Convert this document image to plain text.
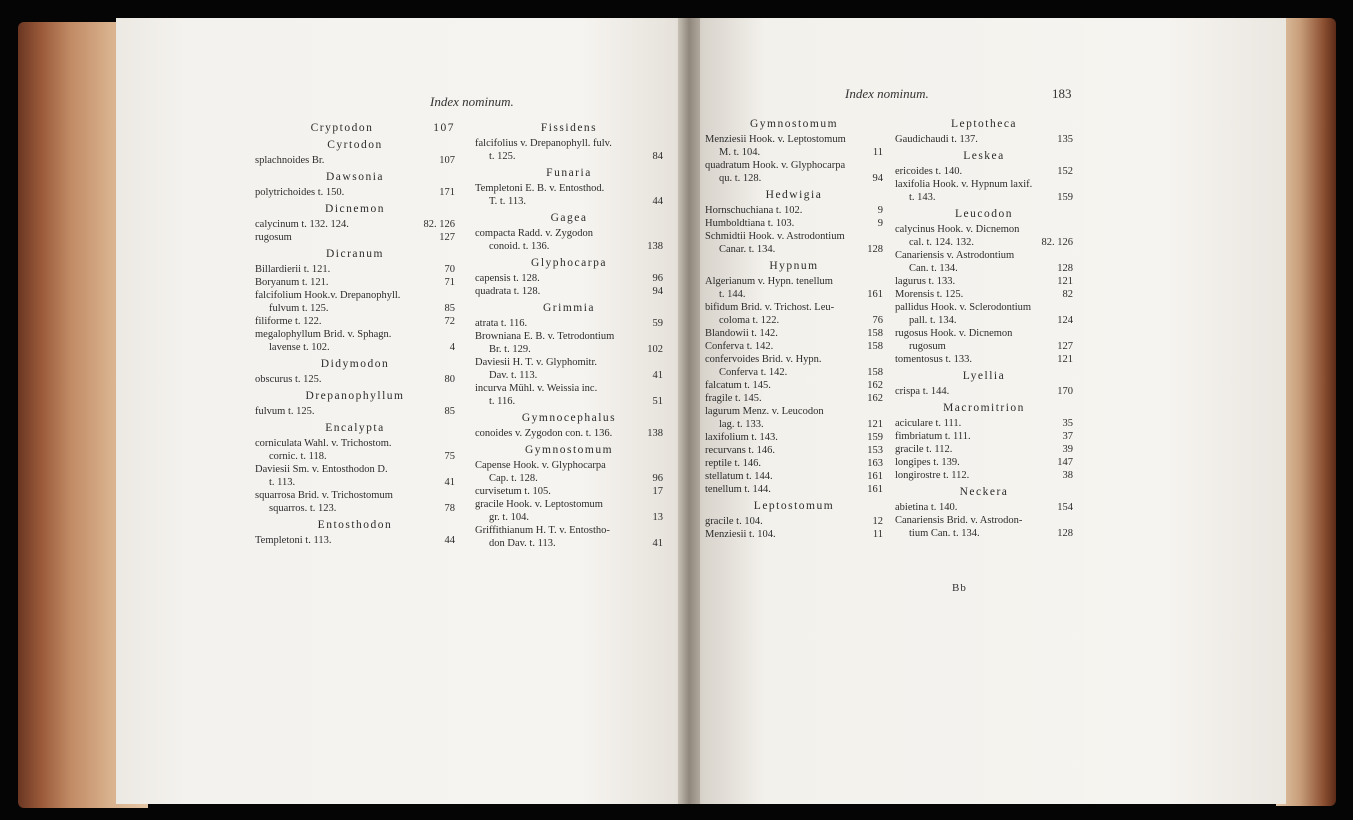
Index nominum.
Index nominum.	183
Cryptodon	107
Cyrtodon
splachnoides Br.	107
Dawsonia
polytrichoides t. 150.	171
Dicnemon
calycinum t. 132. 124.	82. 126
rugosum	127
Dicranum
Billardierii t. 121.	70
Boryanum t. 121.	71
falcifolium Hook.v. Drepanophyll.
fulvum t. 125.	85
filiforme t. 122.	72
megalophyllum Brid. v. Sphagn.
lavense t. 102.	4
Didymodon
obscurus t. 125.	80
Drepanophyllum
fulvum t. 125.	85
Encalypta
corniculata Wahl. v. Trichostom.
cornic. t. 118.	75
Daviesii Sm. v. Entosthodon D.
t. 113.	41
squarrosa Brid. v. Trichostomum
squarros. t. 123.	78
Entosthodon
Templetoni t. 113.	44
Fissidens
falcifolius v. Drepanophyll. fulv.
t. 125.	84
Funaria
Templetoni E. B. v. Entosthod.
T. t. 113.	44
Gagea
compacta Radd. v. Zygodon
conoid. t. 136.	138
Glyphocarpa
capensis t. 128.	96
quadrata t. 128.	94
Grimmia
atrata t. 116.	59
Browniana E. B. v. Tetrodontium
Br. t. 129.	102
Daviesii H. T. v. Glyphomitr.
Dav. t. 113.	41
incurva Mühl. v. Weissia inc.
t. 116.	51
Gymnocephalus
conoides v. Zygodon con. t. 136.	138
Gymnostomum
Capense Hook. v. Glyphocarpa
Cap. t. 128.	96
curvisetum t. 105.	17
gracile Hook. v. Leptostomum
gr. t. 104.	13
Griffithianum H. T. v. Entostho-
don Dav. t. 113.	41
Gymnostomum
Menziesii Hook. v. Leptostomum
M. t. 104.	11
quadratum Hook. v. Glyphocarpa
qu. t. 128.	94
Hedwigia
Hornschuchiana t. 102.	9
Humboldtiana t. 103.	9
Schmidtii Hook. v. Astrodontium
Canar. t. 134.	128
Hypnum
Algerianum v. Hypn. tenellum
t. 144.	161
bifidum Brid. v. Trichost. Leu-
coloma t. 122.	76
Blandowii t. 142.	158
Conferva t. 142.	158
confervoides Brid. v. Hypn.
Conferva t. 142.	158
falcatum t. 145.	162
fragile t. 145.	162
lagurum Menz. v. Leucodon
lag. t. 133.	121
laxifolium t. 143.	159
recurvans t. 146.	153
reptile t. 146.	163
stellatum t. 144.	161
tenellum t. 144.	161
Leptostomum
gracile t. 104.	12
Menziesii t. 104.	11
Leptotheca
Gaudichaudi t. 137.	135
Leskea
ericoides t. 140.	152
laxifolia Hook. v. Hypnum laxif.
t. 143.	159
Leucodon
calycinus Hook. v. Dicnemon
cal. t. 124. 132.	82. 126
Canariensis v. Astrodontium
Can. t. 134.	128
lagurus t. 133.	121
Morensis t. 125.	82
pallidus Hook. v. Sclerodontium
pall. t. 134.	124
rugosus Hook. v. Dicnemon
rugosum	127
tomentosus t. 133.	121
Lyellia
crispa t. 144.	170
Macromitrion
aciculare t. 111.	35
fimbriatum t. 111.	37
gracile t. 112.	39
longipes t. 139.	147
longirostre t. 112.	38
Neckera
abietina t. 140.	154
Canariensis Brid. v. Astrodon-
tium Can. t. 134.	128
Bb
